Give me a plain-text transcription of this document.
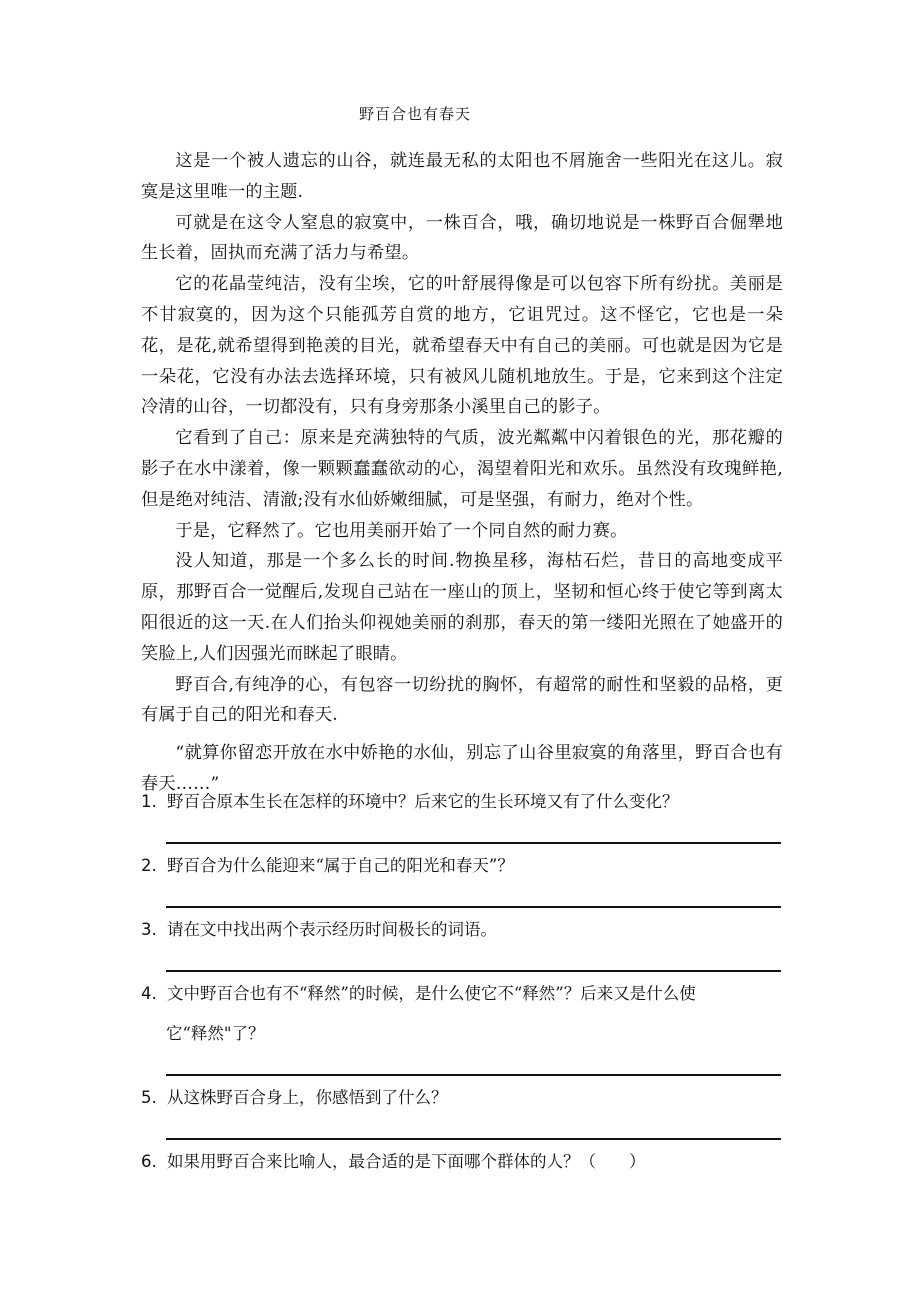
野百合也有春天

这是一个被人遗忘的山谷，就连最无私的太阳也不屑施舍一些阳光在这儿。寂寞是这里唯一的主题.

可就是在这令人窒息的寂寞中，一株百合，哦，确切地说是一株野百合倔犟地生长着，固执而充满了活力与希望。

它的花晶莹纯洁，没有尘埃，它的叶舒展得像是可以包容下所有纷扰。美丽是不甘寂寞的，因为这个只能孤芳自赏的地方，它诅咒过。这不怪它，它也是一朵花，是花,就希望得到艳羡的目光，就希望春天中有自己的美丽。可也就是因为它是一朵花，它没有办法去选择环境，只有被风儿随机地放生。于是，它来到这个注定冷清的山谷，一切都没有，只有身旁那条小溪里自己的影子。

它看到了自己：原来是充满独特的气质，波光粼粼中闪着银色的光，那花瓣的影子在水中漾着，像一颗颗蠢蠢欲动的心，渴望着阳光和欢乐。虽然没有玫瑰鲜艳,但是绝对纯洁、清澈;没有水仙娇嫩细腻，可是坚强，有耐力，绝对个性。

于是，它释然了。它也用美丽开始了一个同自然的耐力赛。

没人知道，那是一个多么长的时间.物换星移，海枯石烂，昔日的高地变成平原，那野百合一觉醒后,发现自己站在一座山的顶上，坚韧和恒心终于使它等到离太阳很近的这一天.在人们抬头仰视她美丽的刹那，春天的第一缕阳光照在了她盛开的笑脸上,人们因强光而眯起了眼睛。

野百合,有纯净的心，有包容一切纷扰的胸怀，有超常的耐性和坚毅的品格，更有属于自己的阳光和春天.

“就算你留恋开放在水中娇艳的水仙，别忘了山谷里寂寞的角落里，野百合也有春天……”

1. 野百合原本生长在怎样的环境中？后来它的生长环境又有了什么变化？
2. 野百合为什么能迎来“属于自己的阳光和春天”？
3. 请在文中找出两个表示经历时间极长的词语。
4. 文中野百合也有不“释然”的时候，是什么使它不“释然”？后来又是什么使
它“释然"了？
5. 从这株野百合身上，你感悟到了什么？
6. 如果用野百合来比喻人，最合适的是下面哪个群体的人？（　　）
